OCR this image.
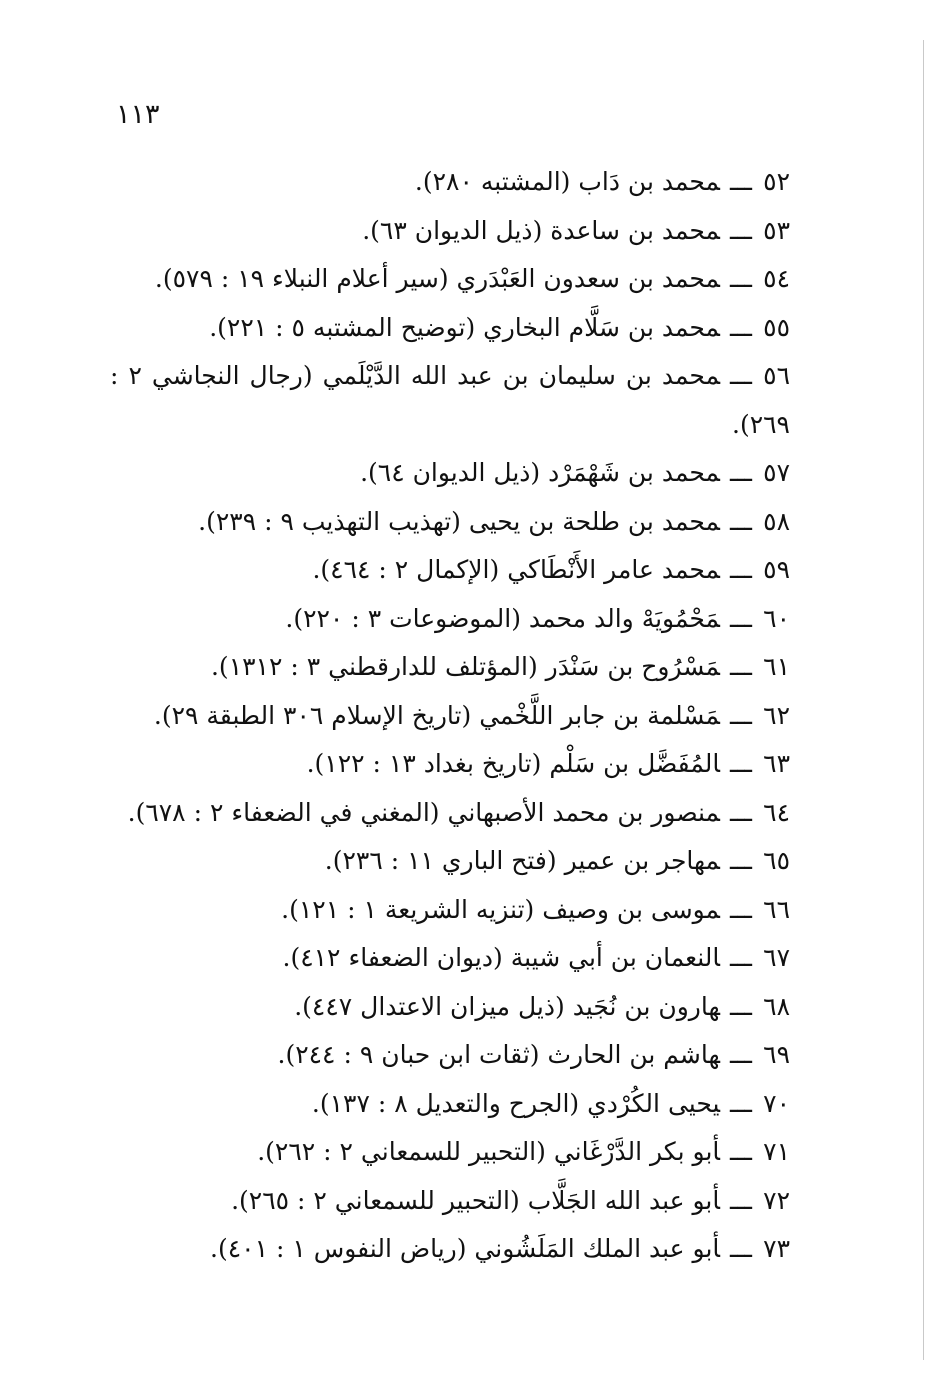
١١٣
٥٢ـــمحمد بن دَاب (المشتبه ٢٨٠).
٥٣ـــمحمد بن ساعدة (ذيل الديوان ٦٣).
٥٤ـــمحمد بن سعدون العَبْدَري (سير أعلام النبلاء ١٩ : ٥٧٩).
٥٥ـــمحمد بن سَلَّام البخاري (توضيح المشتبه ٥ : ٢٢١).
٥٦ـــمحمد بن سليمان بن عبد الله الدَّيْلَمي (رجال النجاشي ٢ : ٢٦٩).
٥٧ـــمحمد بن شَهْمَرْد (ذيل الديوان ٦٤).
٥٨ـــمحمد بن طلحة بن يحيى (تهذيب التهذيب ٩ : ٢٣٩).
٥٩ـــمحمد عامر الأَنْطَاكي (الإكمال ٢ : ٤٦٤).
٦٠ـــمَحْمُويَهْ والد محمد (الموضوعات ٣ : ٢٢٠).
٦١ـــمَسْرُوح بن سَنْدَر (المؤتلف للدارقطني ٣ : ١٣١٢).
٦٢ـــمَسْلمة بن جابر اللَّخْمي (تاريخ الإسلام ٣٠٦ الطبقة ٢٩).
٦٣ـــالمُفَضَّل بن سَلْم (تاريخ بغداد ١٣ : ١٢٢).
٦٤ـــمنصور بن محمد الأصبهاني (المغني في الضعفاء ٢ : ٦٧٨).
٦٥ـــمهاجر بن عمير (فتح الباري ١١ : ٢٣٦).
٦٦ـــموسى بن وصيف (تنزيه الشريعة ١ : ١٢١).
٦٧ـــالنعمان بن أبي شيبة (ديوان الضعفاء ٤١٢).
٦٨ـــهارون بن نُجَيد (ذيل ميزان الاعتدال ٤٤٧).
٦٩ـــهاشم بن الحارث (ثقات ابن حبان ٩ : ٢٤٤).
٧٠ـــيحيى الكُرْدي (الجرح والتعديل ٨ : ١٣٧).
٧١ـــأبو بكر الدَّرْغَاني (التحبير للسمعاني ٢ : ٢٦٢).
٧٢ـــأبو عبد الله الجَلَّاب (التحبير للسمعاني ٢ : ٢٦٥).
٧٣ـــأبو عبد الملك المَلَشُوني (رياض النفوس ١ : ٤٠١).
